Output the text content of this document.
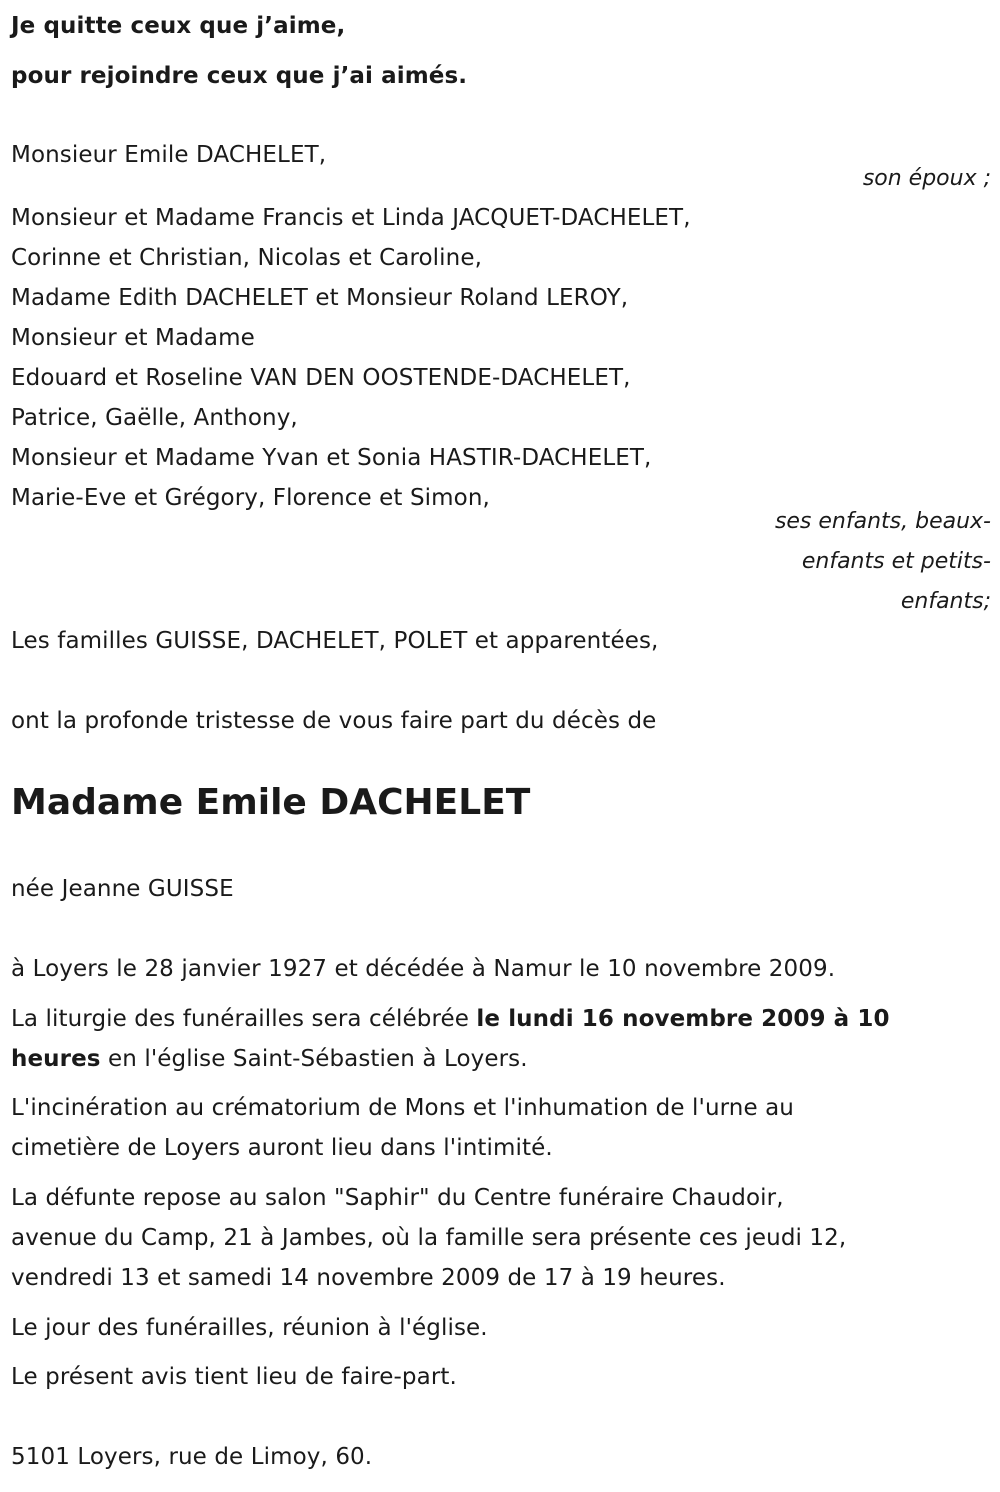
Je quitte ceux que j’aime,
pour rejoindre ceux que j’ai aimés.
Monsieur Emile DACHELET,
son époux ;
Monsieur et Madame Francis et Linda JACQUET-DACHELET,
Corinne et Christian, Nicolas et Caroline,
Madame Edith DACHELET et Monsieur Roland LEROY,
Monsieur et Madame
Edouard et Roseline VAN DEN OOSTENDE-DACHELET,
Patrice, Gaëlle, Anthony,
Monsieur et Madame Yvan et Sonia HASTIR-DACHELET,
Marie-Eve et Grégory, Florence et Simon,
ses enfants, beaux-
enfants et petits-
enfants;
Les familles GUISSE, DACHELET, POLET et apparentées,
ont la profonde tristesse de vous faire part du décès de
Madame Emile DACHELET
née Jeanne GUISSE
à Loyers le 28 janvier 1927 et décédée à Namur le 10 novembre 2009.
La liturgie des funérailles sera célébrée le lundi 16 novembre 2009 à 10
heures en l'église Saint-Sébastien à Loyers.
L'incinération au crématorium de Mons et l'inhumation de l'urne au
cimetière de Loyers auront lieu dans l'intimité.
La défunte repose au salon "Saphir" du Centre funéraire Chaudoir,
avenue du Camp, 21 à Jambes, où la famille sera présente ces jeudi 12,
vendredi 13 et samedi 14 novembre 2009 de 17 à 19 heures.
Le jour des funérailles, réunion à l'église.
Le présent avis tient lieu de faire-part.
5101 Loyers, rue de Limoy, 60.
